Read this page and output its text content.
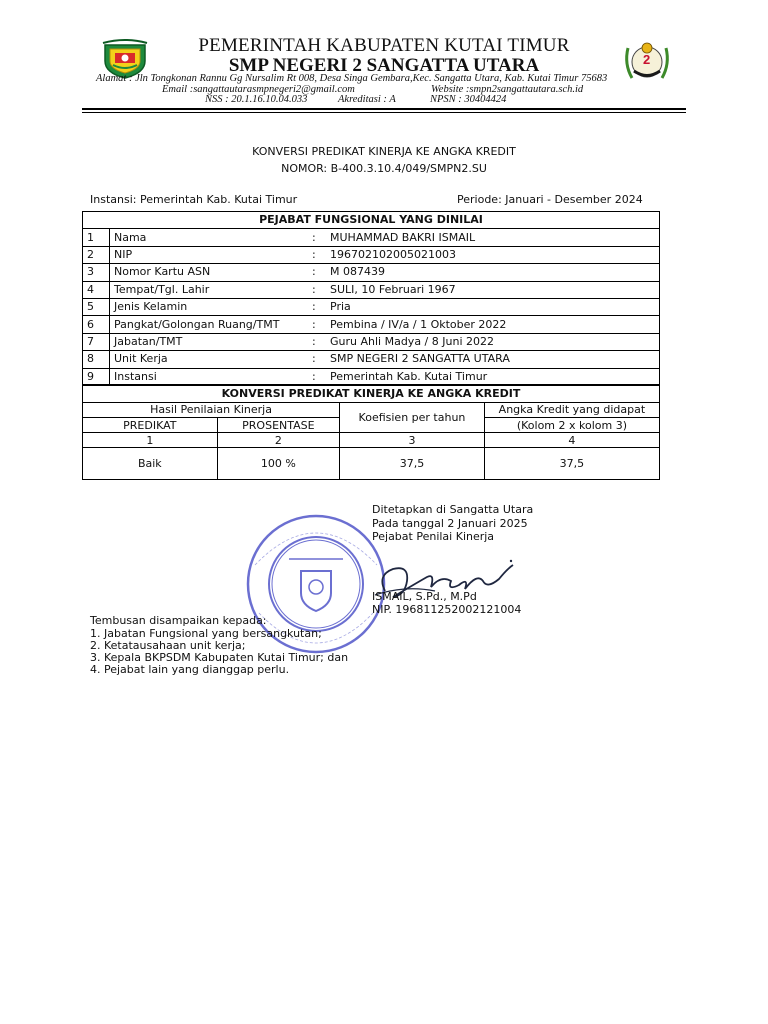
PEMERINTAH KABUPATEN KUTAI TIMUR
SMP NEGERI 2 SANGATTA UTARA	2
Alamat : Jln Tongkonan Rannu Gg Nursalim Rt 008, Desa Singa Gembara,Kec. Sangatta Utara, Kab. Kutai Timur 75683
Email :sangattautarasmpnegeri2@gmail.com	Website :smpn2sangattautara.sch.id
NSS : 20.1.16.10.04.033	Akreditasi : A	NPSN : 30404424
KONVERSI PREDIKAT KINERJA KE ANGKA KREDIT
NOMOR: B-400.3.10.4/049/SMPN2.SU
Instansi: Pemerintah Kab. Kutai Timur	Periode: Januari - Desember 2024
PEJABAT FUNGSIONAL YANG DINILAI			
1	Nama	:	MUHAMMAD BAKRI ISMAIL
2	NIP	:	196702102005021003
3	Nomor Kartu ASN	:	M 087439
4	Tempat/Tgl. Lahir	:	SULI, 10 Februari 1967
5	Jenis Kelamin	:	Pria
6	Pangkat/Golongan Ruang/TMT	:	Pembina / IV/a / 1 Oktober 2022
7	Jabatan/TMT	:	Guru Ahli Madya / 8 Juni 2022
8	Unit Kerja	:	SMP NEGERI 2 SANGATTA UTARA
9	Instansi	:	Pemerintah Kab. Kutai Timur
KONVERSI PREDIKAT KINERJA KE ANGKA KREDIT			
Hasil Penilaian Kinerja		Koefisien per tahun	Angka Kredit yang didapat
PREDIKAT	PROSENTASE		(Kolom 2 x kolom 3)
1	2	3	4
Baik	100 %	37,5	37,5
Ditetapkan di Sangatta Utara
Pada tanggal 2 Januari 2025
Pejabat Penilai Kinerja
ISMAIL, S.Pd., M.Pd
NIP. 196811252002121004
Tembusan disampaikan kepada:
1. Jabatan Fungsional yang bersangkutan;
2. Ketatausahaan unit kerja;
3. Kepala BKPSDM Kabupaten Kutai Timur; dan
4. Pejabat lain yang dianggap perlu.
